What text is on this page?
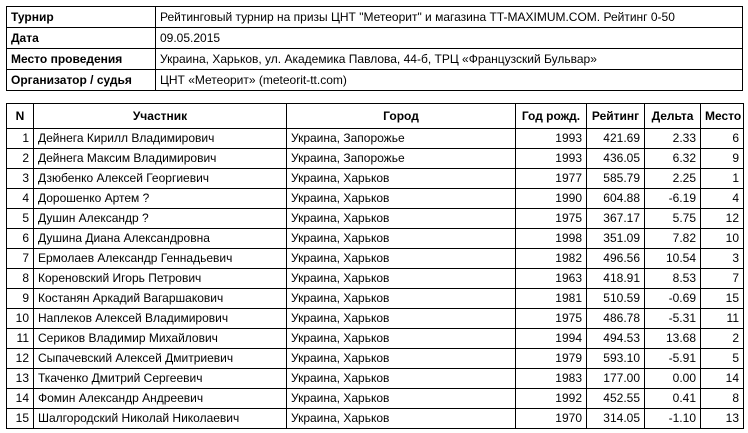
Турнир	Рейтинговый турнир на призы ЦНТ "Метеорит" и магазина TT-MAXIMUM.COM. Рейтинг 0-50
Дата	09.05.2015
Место проведения	Украина, Харьков, ул. Академика Павлова, 44-б, ТРЦ «Французский Бульвар»
Организатор / судья	ЦНТ «Метеорит» (meteorit-tt.com)
N	Участник	Город	Год рожд.	Рейтинг	Дельта	Место
1	Дейнега Кирилл Владимирович	Украина, Запорожье	1993	421.69	2.33	6
2	Дейнега Максим Владимирович	Украина, Запорожье	1993	436.05	6.32	9
3	Дзюбенко Алексей Георгиевич	Украина, Харьков	1977	585.79	2.25	1
4	Дорошенко Артем ?	Украина, Харьков	1990	604.88	-6.19	4
5	Душин Александр ?	Украина, Харьков	1975	367.17	5.75	12
6	Душина Диана Александровна	Украина, Харьков	1998	351.09	7.82	10
7	Ермолаев Александр Геннадьевич	Украина, Харьков	1982	496.56	10.54	3
8	Кореновский Игорь Петрович	Украина, Харьков	1963	418.91	8.53	7
9	Костанян Аркадий Вагаршакович	Украина, Харьков	1981	510.59	-0.69	15
10	Наплеков Алексей Владимирович	Украина, Харьков	1975	486.78	-5.31	11
11	Сериков Владимир Михайлович	Украина, Харьков	1994	494.53	13.68	2
12	Сыпачевский Алексей Дмитриевич	Украина, Харьков	1979	593.10	-5.91	5
13	Ткаченко Дмитрий Сергеевич	Украина, Харьков	1983	177.00	0.00	14
14	Фомин Александр Андреевич	Украина, Харьков	1992	452.55	0.41	8
15	Шалгородский Николай Николаевич	Украина, Харьков	1970	314.05	-1.10	13
